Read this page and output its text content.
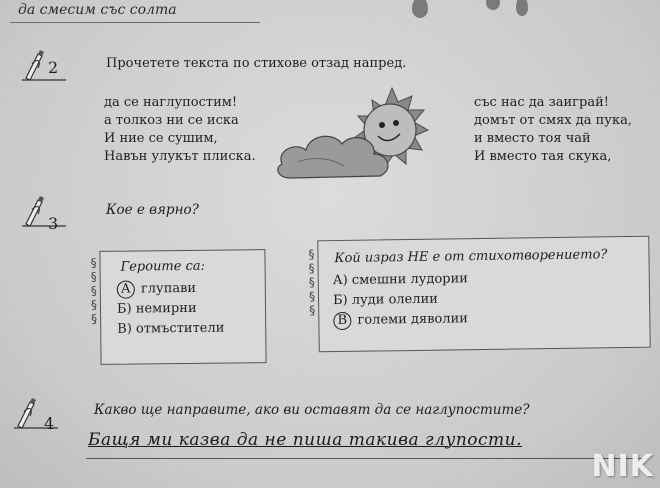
да смесим със солта
2	Прочетете текста по стихове отзад напред.
да се наглупостим!
а толкоз ни се иска
И ние се сушим,
Навън улукът плиска.
със нас да заиграй!
домът от смях да пука,
и вместо тоя чай
И вместо тая скука,
3
Кое е вярно?
§
§
§
§
§
Героите са:
А глупави
Б) немирни
В) отмъстители
§
§
§
§
§
Кой израз НЕ е от стихотворението?
А) смешни лудории
Б) луди олелии
В големи дяволии
4
Какво ще направите, ако ви оставят да се наглупостите?
Бащя ми казва да не пиша такива глупости.
NIK
